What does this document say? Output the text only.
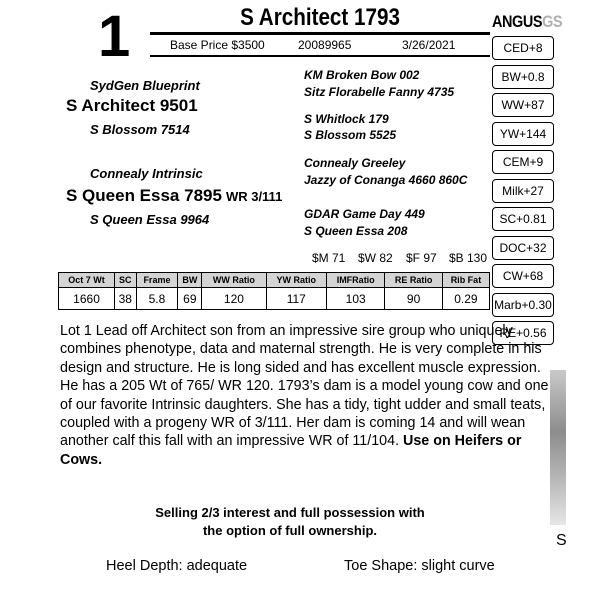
1	S Architect 1793
Base Price $3500	20089965	3/26/2021
ANGUSGS
CED+8
BW+0.8
WW+87
YW+144
CEM+9
Milk+27
SC+0.81
DOC+32
CW+68
Marb+0.30
RE+0.56
SydGen Blueprint
S Architect 9501
S Blossom 7514
Connealy Intrinsic
S Queen Essa 7895 WR 3/111
S Queen Essa 9964
KM Broken Bow 002
Sitz Florabelle Fanny 4735
S Whitlock 179
S Blossom 5525
Connealy Greeley
Jazzy of Conanga 4660 860C
GDAR Game Day 449
S Queen Essa 208
$M 71 $W 82 $F 97 $B 130
Oct 7 Wt	SC	Frame	BW	WW Ratio	YW Ratio	IMFRatio	RE Ratio	Rib Fat
1660	38	5.8	69	120	117	103	90	0.29
Lot 1 Lead off Architect son from an impressive sire group who uniquely combines phenotype, data and maternal strength. He is very complete in his design and structure. He is long sided and has excellent muscle expression. He has a 205 Wt of 765/ WR 120. 1793’s dam is a model young cow and one of our favorite Intrinsic daughters. She has a tidy, tight udder and small teats, coupled with a progeny WR of 3/111. Her dam is coming 14 and will wean another calf this fall with an impressive WR of 11/104. Use on Heifers or Cows.
Selling 2/3 interest and full possession with
the option of full ownership.
Heel Depth: adequate	Toe Shape: slight curve
S
